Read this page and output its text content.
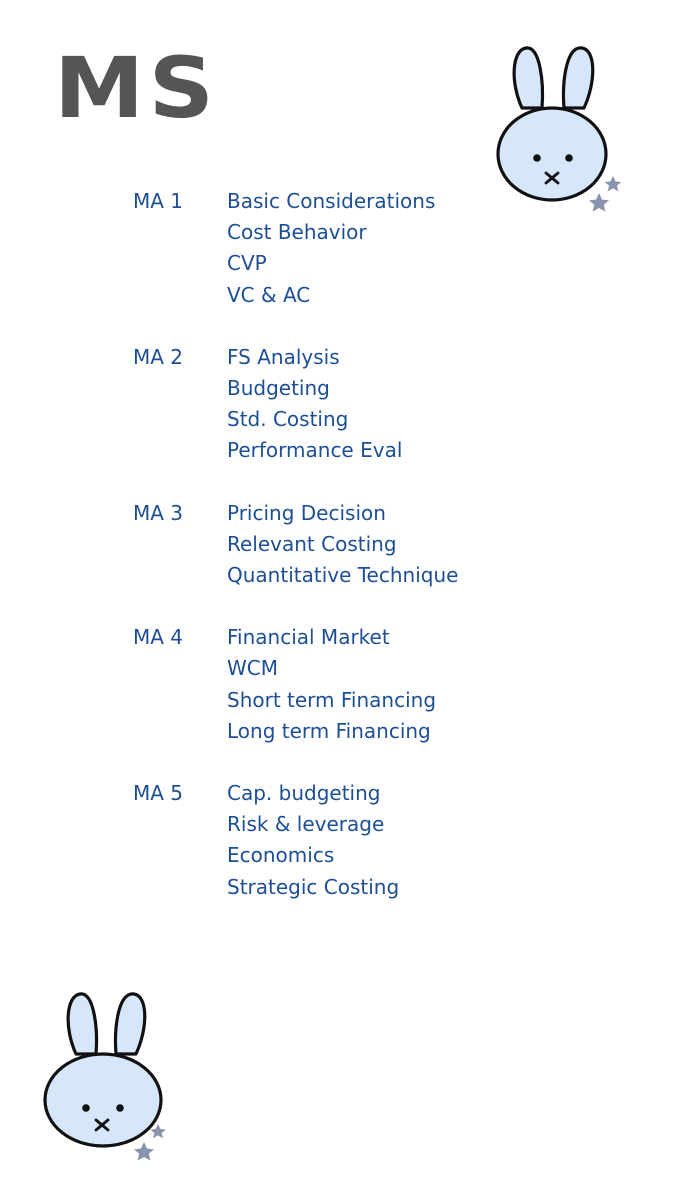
MS
MA 1	Basic Considerations
Cost Behavior
CVP
VC & AC
MA 2	FS Analysis
Budgeting
Std. Costing
Performance Eval
MA 3	Pricing Decision
Relevant Costing
Quantitative Technique
MA 4	Financial Market
WCM
Short term Financing
Long term Financing
MA 5	Cap. budgeting
Risk & leverage
Economics
Strategic Costing
